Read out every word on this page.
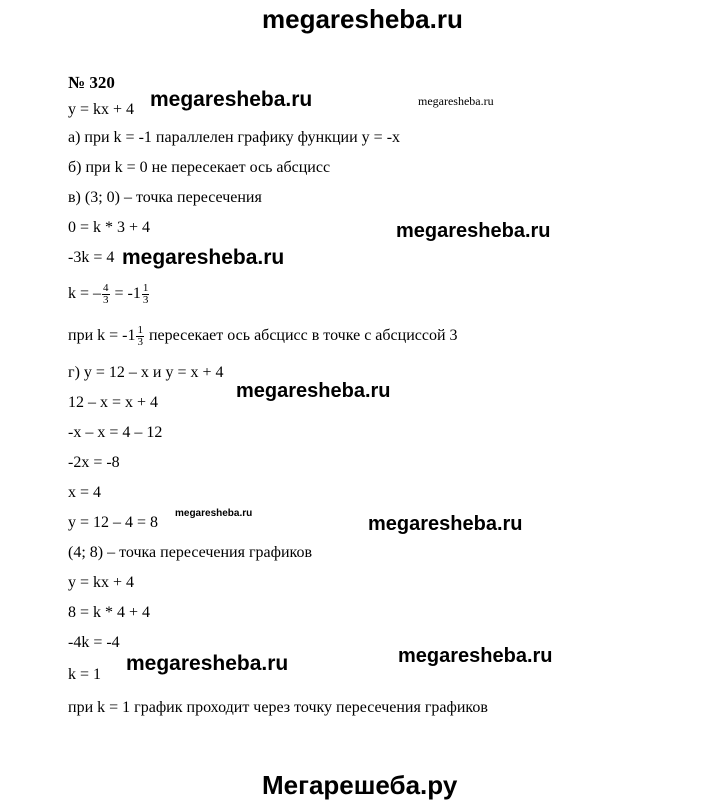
megaresheba.ru
№ 320
y = kx + 4
а) при k = -1 параллелен графику функции y = -x
б) при k = 0 не пересекает ось абсцисс
в) (3; 0) – точка пересечения
0 = k * 3 + 4
-3k = 4
k = – $\frac{4}{3} = -1 \frac{1}{3}$
при $k = -1 \frac{1}{3}$ пересекает ось абсцисс в точке с абсциссой 3
г) y = 12 – x и y = x + 4
12 – x = x + 4
-x – x = 4 – 12
-2x = -8
x = 4
y = 12 – 4 = 8
(4; 8) – точка пересечения графиков
y = kx + 4
8 = k * 4 + 4
-4k = -4
k = 1
при k = 1 график проходит через точку пересечения графиков
megaresheba.ru	megaresheba.ru
megaresheba.ru
megaresheba.ru
megaresheba.ru
megaresheba.ru	megaresheba.ru
megaresheba.ru	megaresheba.ru
Мегарешеба.ру
